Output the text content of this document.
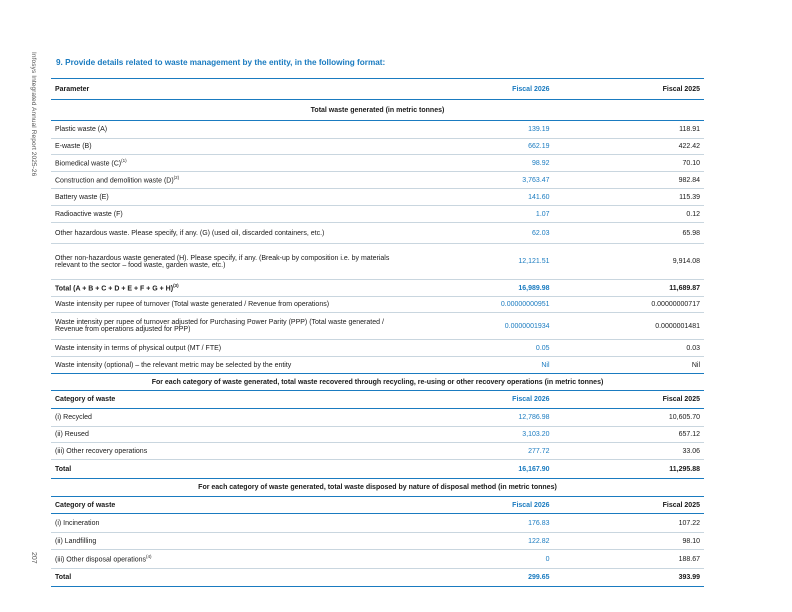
Infosys Integrated Annual Report 2025-26
207
9. Provide details related to waste management by the entity, in the following format:
Parameter	Fiscal 2026	Fiscal 2025
Total waste generated (in metric tonnes)		
Plastic waste (A)	139.19	118.91
E-waste (B)	662.19	422.42
Biomedical waste $(C)^{(1)}$	98.92	70.10
Construction and demolition waste $(D)^{(2)}$	3,763.47	982.84
Battery waste (E)	141.60	115.39
Radioactive waste (F)	1.07	0.12
Other hazardous waste. Please specify, if any. (G) (used oil, discarded containers, etc.)	62.03	65.98
Other non-hazardous waste generated (H). Please specify, if any. (Break-up by composition i.e. by materials relevant to the sector – food waste, garden waste, etc.)	12,121.51	9,914.08
Total $(A + B + C + D + E + F + G + H)^{(3)}$	16,989.98	11,689.87
Waste intensity per rupee of turnover (Total waste generated / Revenue from operations)	0.00000000951	0.00000000717
Waste intensity per rupee of turnover adjusted for Purchasing Power Parity (PPP) (Total waste generated / Revenue from operations adjusted for PPP)	0.0000001934	0.0000001481
Waste intensity in terms of physical output (MT / FTE)	0.05	0.03
Waste intensity (optional) – the relevant metric may be selected by the entity	Nil	Nil
For each category of waste generated, total waste recovered through recycling, re-using or other recovery operations (in metric tonnes)		
Category of waste	Fiscal 2026	Fiscal 2025
(i) Recycled	12,786.98	10,605.70
(ii) Reused	3,103.20	657.12
(iii) Other recovery operations	277.72	33.06
Total	16,167.90	11,295.88
For each category of waste generated, total waste disposed by nature of disposal method (in metric tonnes)		
Category of waste	Fiscal 2026	Fiscal 2025
(i) Incineration	176.83	107.22
(ii) Landfilling	122.82	98.10
(iii) Other disposal operations$^{(4)}$	0	188.67
Total	299.65	393.99
